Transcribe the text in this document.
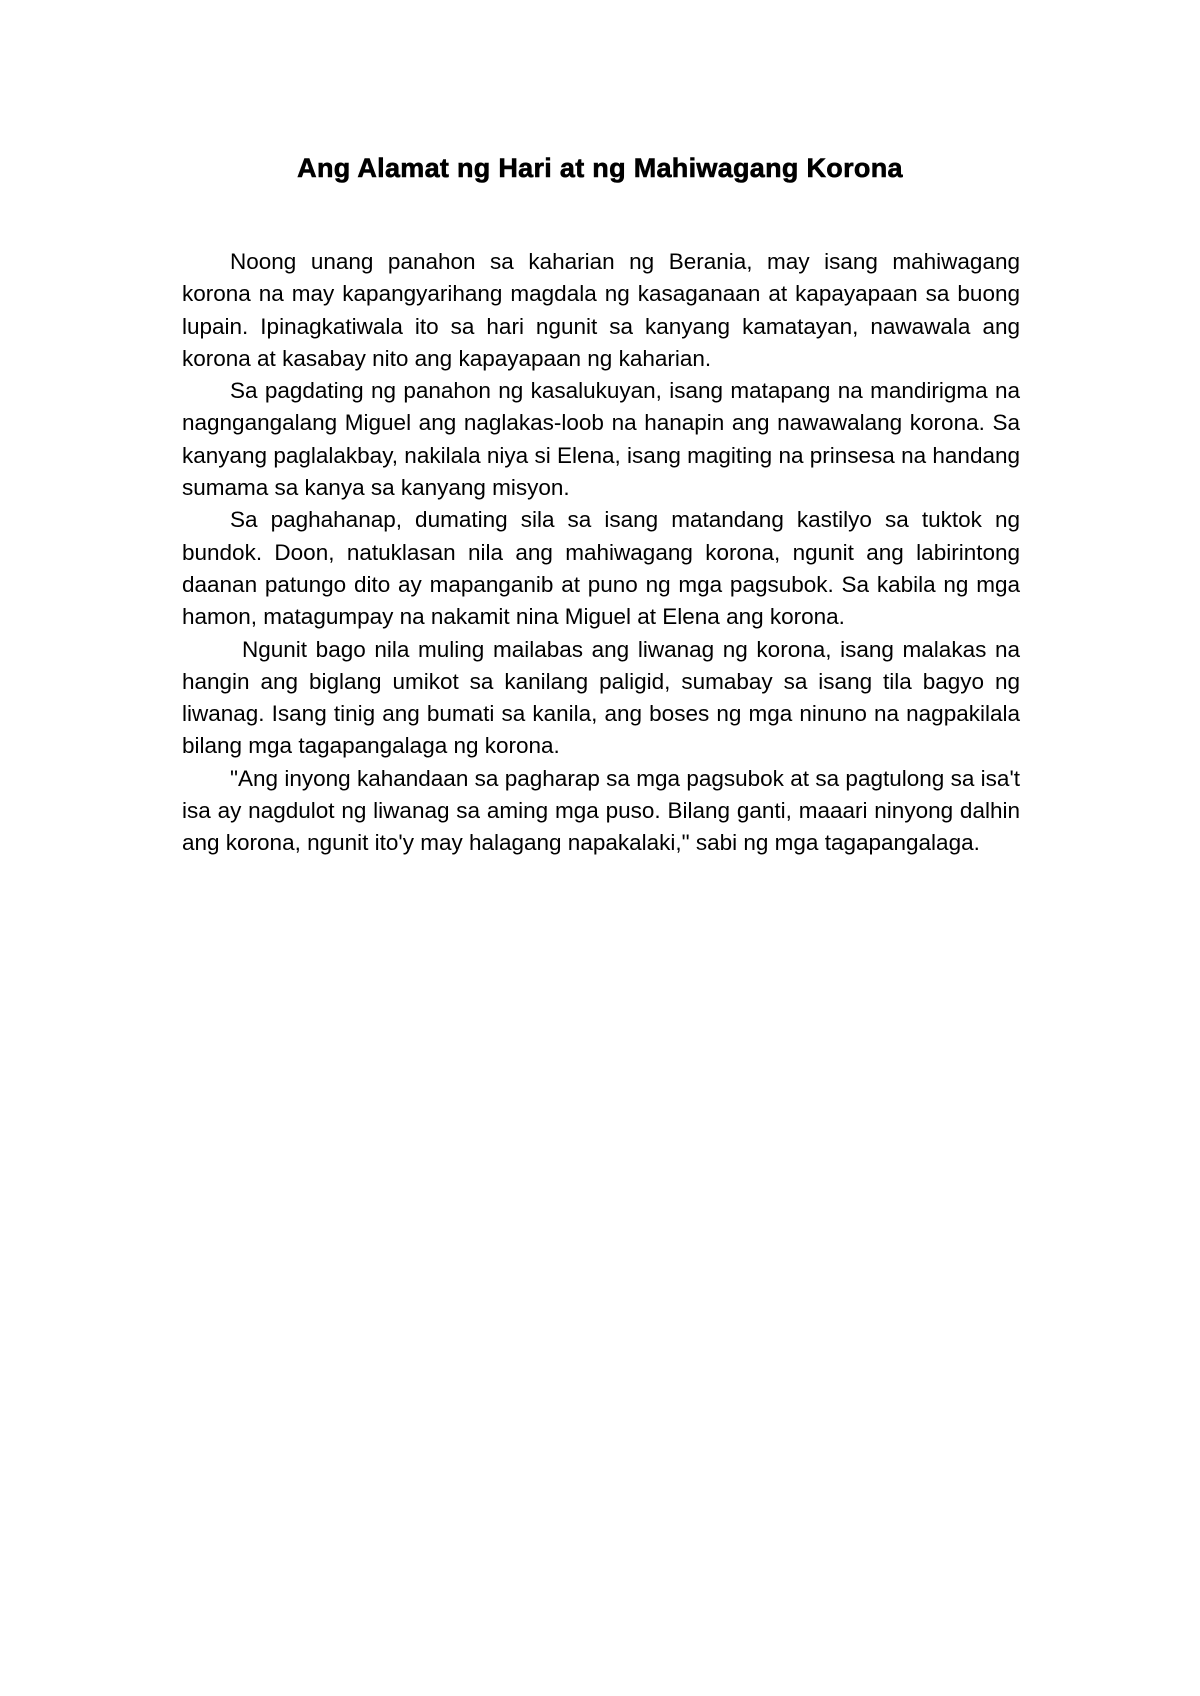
Ang Alamat ng Hari at ng Mahiwagang Korona

Noong unang panahon sa kaharian ng Berania, may isang mahiwagang korona na may kapangyarihang magdala ng kasaganaan at kapayapaan sa buong lupain. Ipinagkatiwala ito sa hari ngunit sa kanyang kamatayan, nawawala ang korona at kasabay nito ang kapayapaan ng kaharian.

Sa pagdating ng panahon ng kasalukuyan, isang matapang na mandirigma na nagngangalang Miguel ang naglakas-loob na hanapin ang nawawalang korona. Sa kanyang paglalakbay, nakilala niya si Elena, isang magiting na prinsesa na handang sumama sa kanya sa kanyang misyon.

Sa paghahanap, dumating sila sa isang matandang kastilyo sa tuktok ng bundok. Doon, natuklasan nila ang mahiwagang korona, ngunit ang labirintong daanan patungo dito ay mapanganib at puno ng mga pagsubok. Sa kabila ng mga hamon, matagumpay na nakamit nina Miguel at Elena ang korona.

Ngunit bago nila muling mailabas ang liwanag ng korona, isang malakas na hangin ang biglang umikot sa kanilang paligid, sumabay sa isang tila bagyo ng liwanag. Isang tinig ang bumati sa kanila, ang boses ng mga ninuno na nagpakilala bilang mga tagapangalaga ng korona.

"Ang inyong kahandaan sa pagharap sa mga pagsubok at sa pagtulong sa isa't isa ay nagdulot ng liwanag sa aming mga puso. Bilang ganti, maaari ninyong dalhin ang korona, ngunit ito'y may halagang napakalaki," sabi ng mga tagapangalaga.
